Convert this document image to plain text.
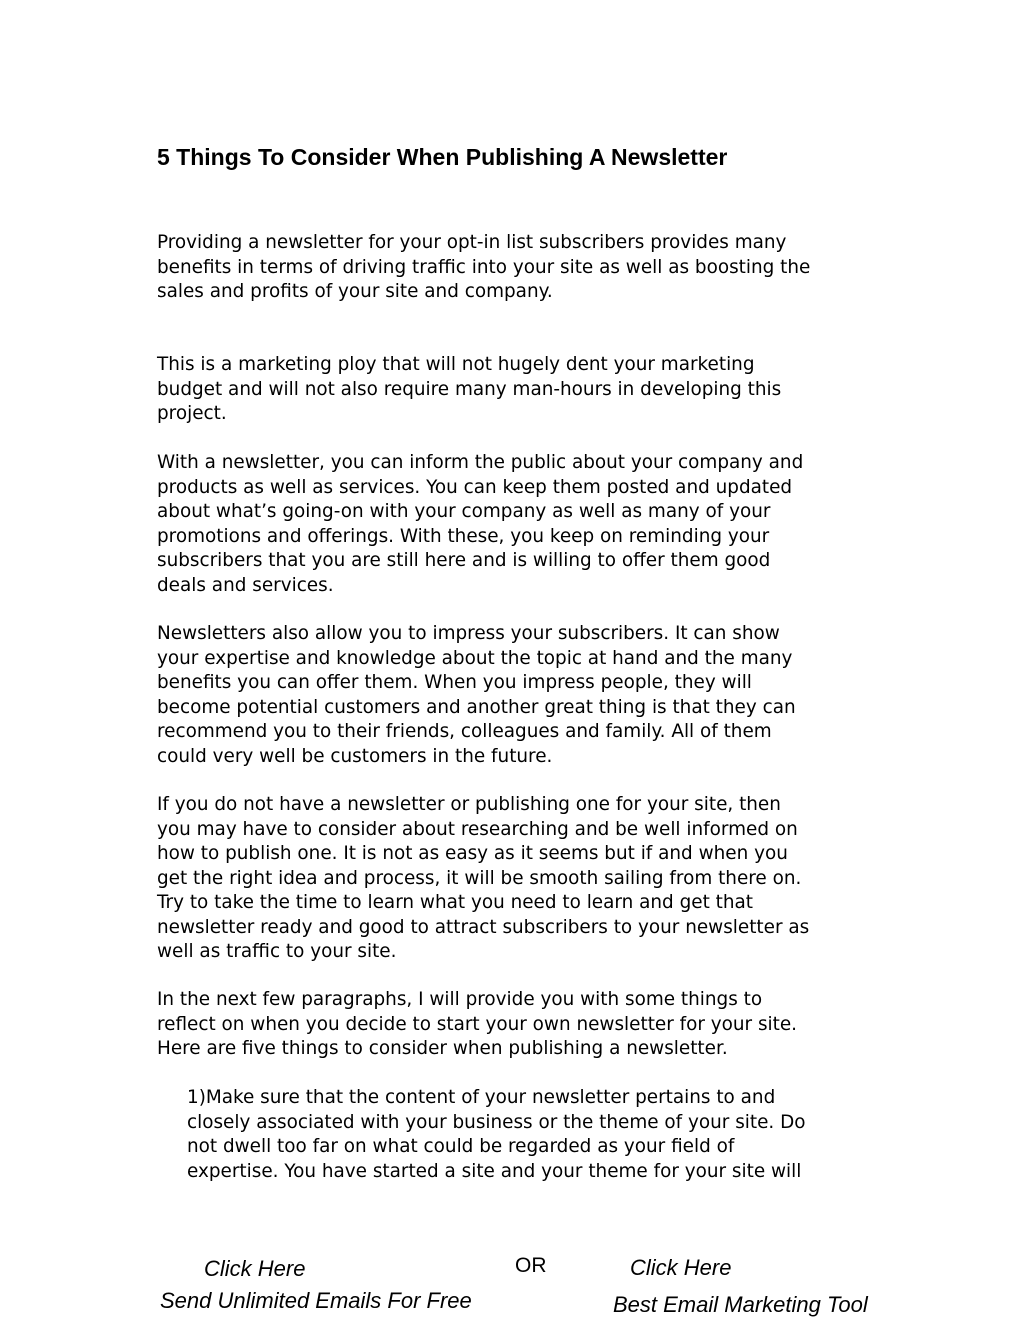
5 Things To Consider When Publishing A Newsletter

Providing a newsletter for your opt-in list subscribers provides many
benefits in terms of driving traffic into your site as well as boosting the
sales and profits of your site and company.

This is a marketing ploy that will not hugely dent your marketing
budget and will not also require many man-hours in developing this
project.

With a newsletter, you can inform the public about your company and
products as well as services. You can keep them posted and updated
about what’s going-on with your company as well as many of your
promotions and offerings. With these, you keep on reminding your
subscribers that you are still here and is willing to offer them good
deals and services.

Newsletters also allow you to impress your subscribers. It can show
your expertise and knowledge about the topic at hand and the many
benefits you can offer them. When you impress people, they will
become potential customers and another great thing is that they can
recommend you to their friends, colleagues and family. All of them
could very well be customers in the future.

If you do not have a newsletter or publishing one for your site, then
you may have to consider about researching and be well informed on
how to publish one. It is not as easy as it seems but if and when you
get the right idea and process, it will be smooth sailing from there on.
Try to take the time to learn what you need to learn and get that
newsletter ready and good to attract subscribers to your newsletter as
well as traffic to your site.

In the next few paragraphs, I will provide you with some things to
reflect on when you decide to start your own newsletter for your site.
Here are five things to consider when publishing a newsletter.

1)Make sure that the content of your newsletter pertains to and
closely associated with your business or the theme of your site. Do
not dwell too far on what could be regarded as your field of
expertise. You have started a site and your theme for your site will

Click Here
Send Unlimited Emails For Free
OR	Click Here
Best Email Marketing Tool
